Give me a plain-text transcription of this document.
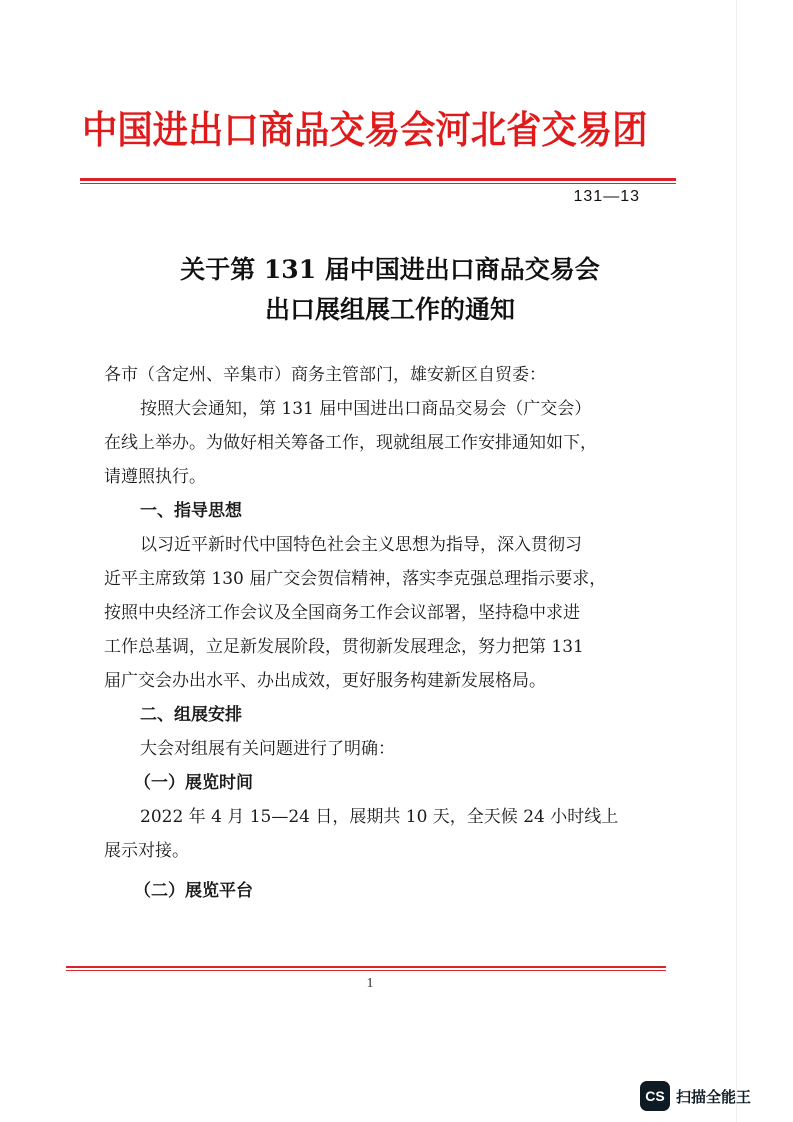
中国进出口商品交易会河北省交易团
131—13
关于第 131 届中国进出口商品交易会
出口展组展工作的通知
各市（含定州、辛集市）商务主管部门，雄安新区自贸委：
按照大会通知，第 131 届中国进出口商品交易会（广交会）
在线上举办。为做好相关筹备工作，现就组展工作安排通知如下，
请遵照执行。
一、指导思想
以习近平新时代中国特色社会主义思想为指导，深入贯彻习
近平主席致第 130 届广交会贺信精神，落实李克强总理指示要求，
按照中央经济工作会议及全国商务工作会议部署，坚持稳中求进
工作总基调，立足新发展阶段，贯彻新发展理念，努力把第 131
届广交会办出水平、办出成效，更好服务构建新发展格局。
二、组展安排
大会对组展有关问题进行了明确：
（一）展览时间
2022 年 4 月 15—24 日，展期共 10 天，全天候 24 小时线上
展示对接。
（二）展览平台
1
CS 扫描全能王
